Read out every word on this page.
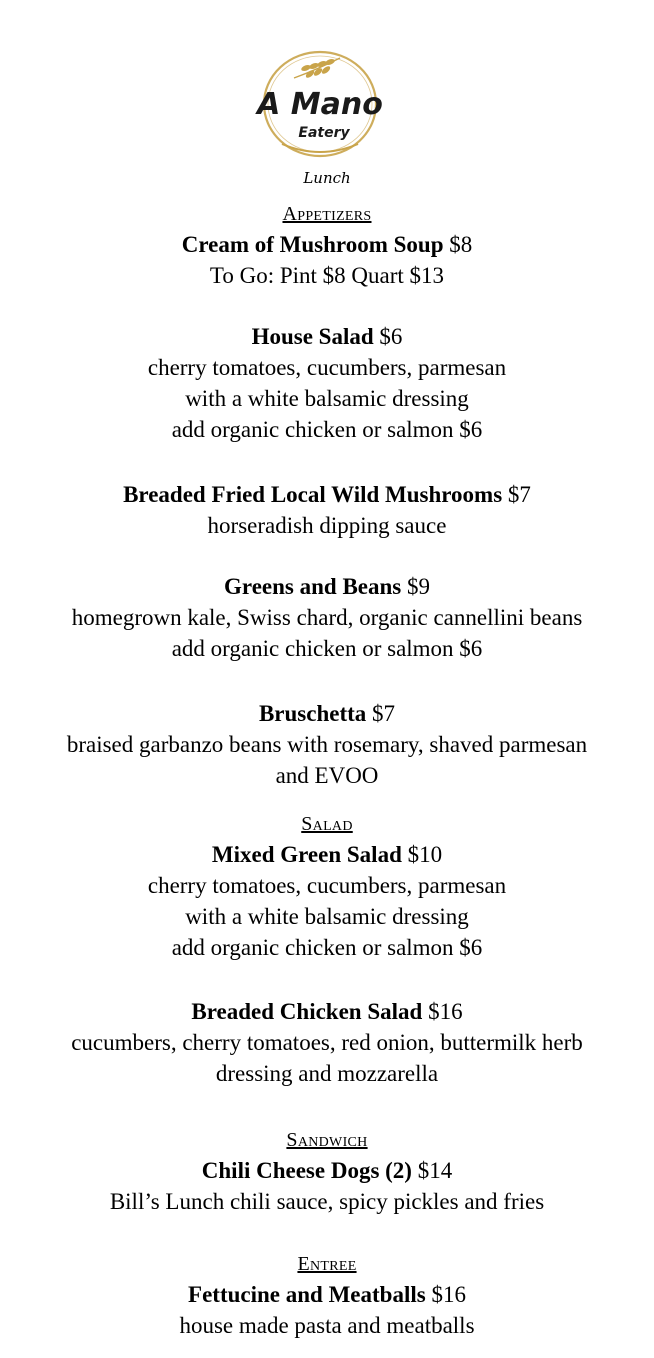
A Mano
Eatery
Lunch
Appetizers
Cream of Mushroom Soup $8
To Go: Pint $8 Quart $13
House Salad $6
cherry tomatoes, cucumbers, parmesan
with a white balsamic dressing
add organic chicken or salmon $6
Breaded Fried Local Wild Mushrooms $7
horseradish dipping sauce
Greens and Beans $9
homegrown kale, Swiss chard, organic cannellini beans
add organic chicken or salmon $6
Bruschetta $7
braised garbanzo beans with rosemary, shaved parmesan
and EVOO
Salad
Mixed Green Salad $10
cherry tomatoes, cucumbers, parmesan
with a white balsamic dressing
add organic chicken or salmon $6
Breaded Chicken Salad $16
cucumbers, cherry tomatoes, red onion, buttermilk herb
dressing and mozzarella
Sandwich
Chili Cheese Dogs (2) $14
Bill’s Lunch chili sauce, spicy pickles and fries
Entree
Fettucine and Meatballs $16
house made pasta and meatballs
